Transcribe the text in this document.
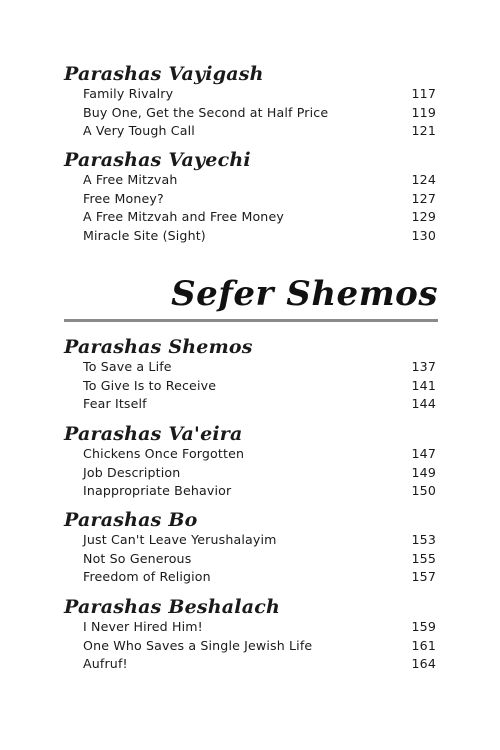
Parashas Vayigash
Family Rivalry	117
Buy One, Get the Second at Half Price	119
A Very Tough Call	121
Parashas Vayechi
A Free Mitzvah	124
Free Money?	127
A Free Mitzvah and Free Money	129
Miracle Site (Sight)	130
Sefer Shemos
Parashas Shemos
To Save a Life	137
To Give Is to Receive	141
Fear Itself	144
Parashas Va'eira
Chickens Once Forgotten	147
Job Description	149
Inappropriate Behavior	150
Parashas Bo
Just Can't Leave Yerushalayim	153
Not So Generous	155
Freedom of Religion	157
Parashas Beshalach
I Never Hired Him!	159
One Who Saves a Single Jewish Life	161
Aufruf!	164
